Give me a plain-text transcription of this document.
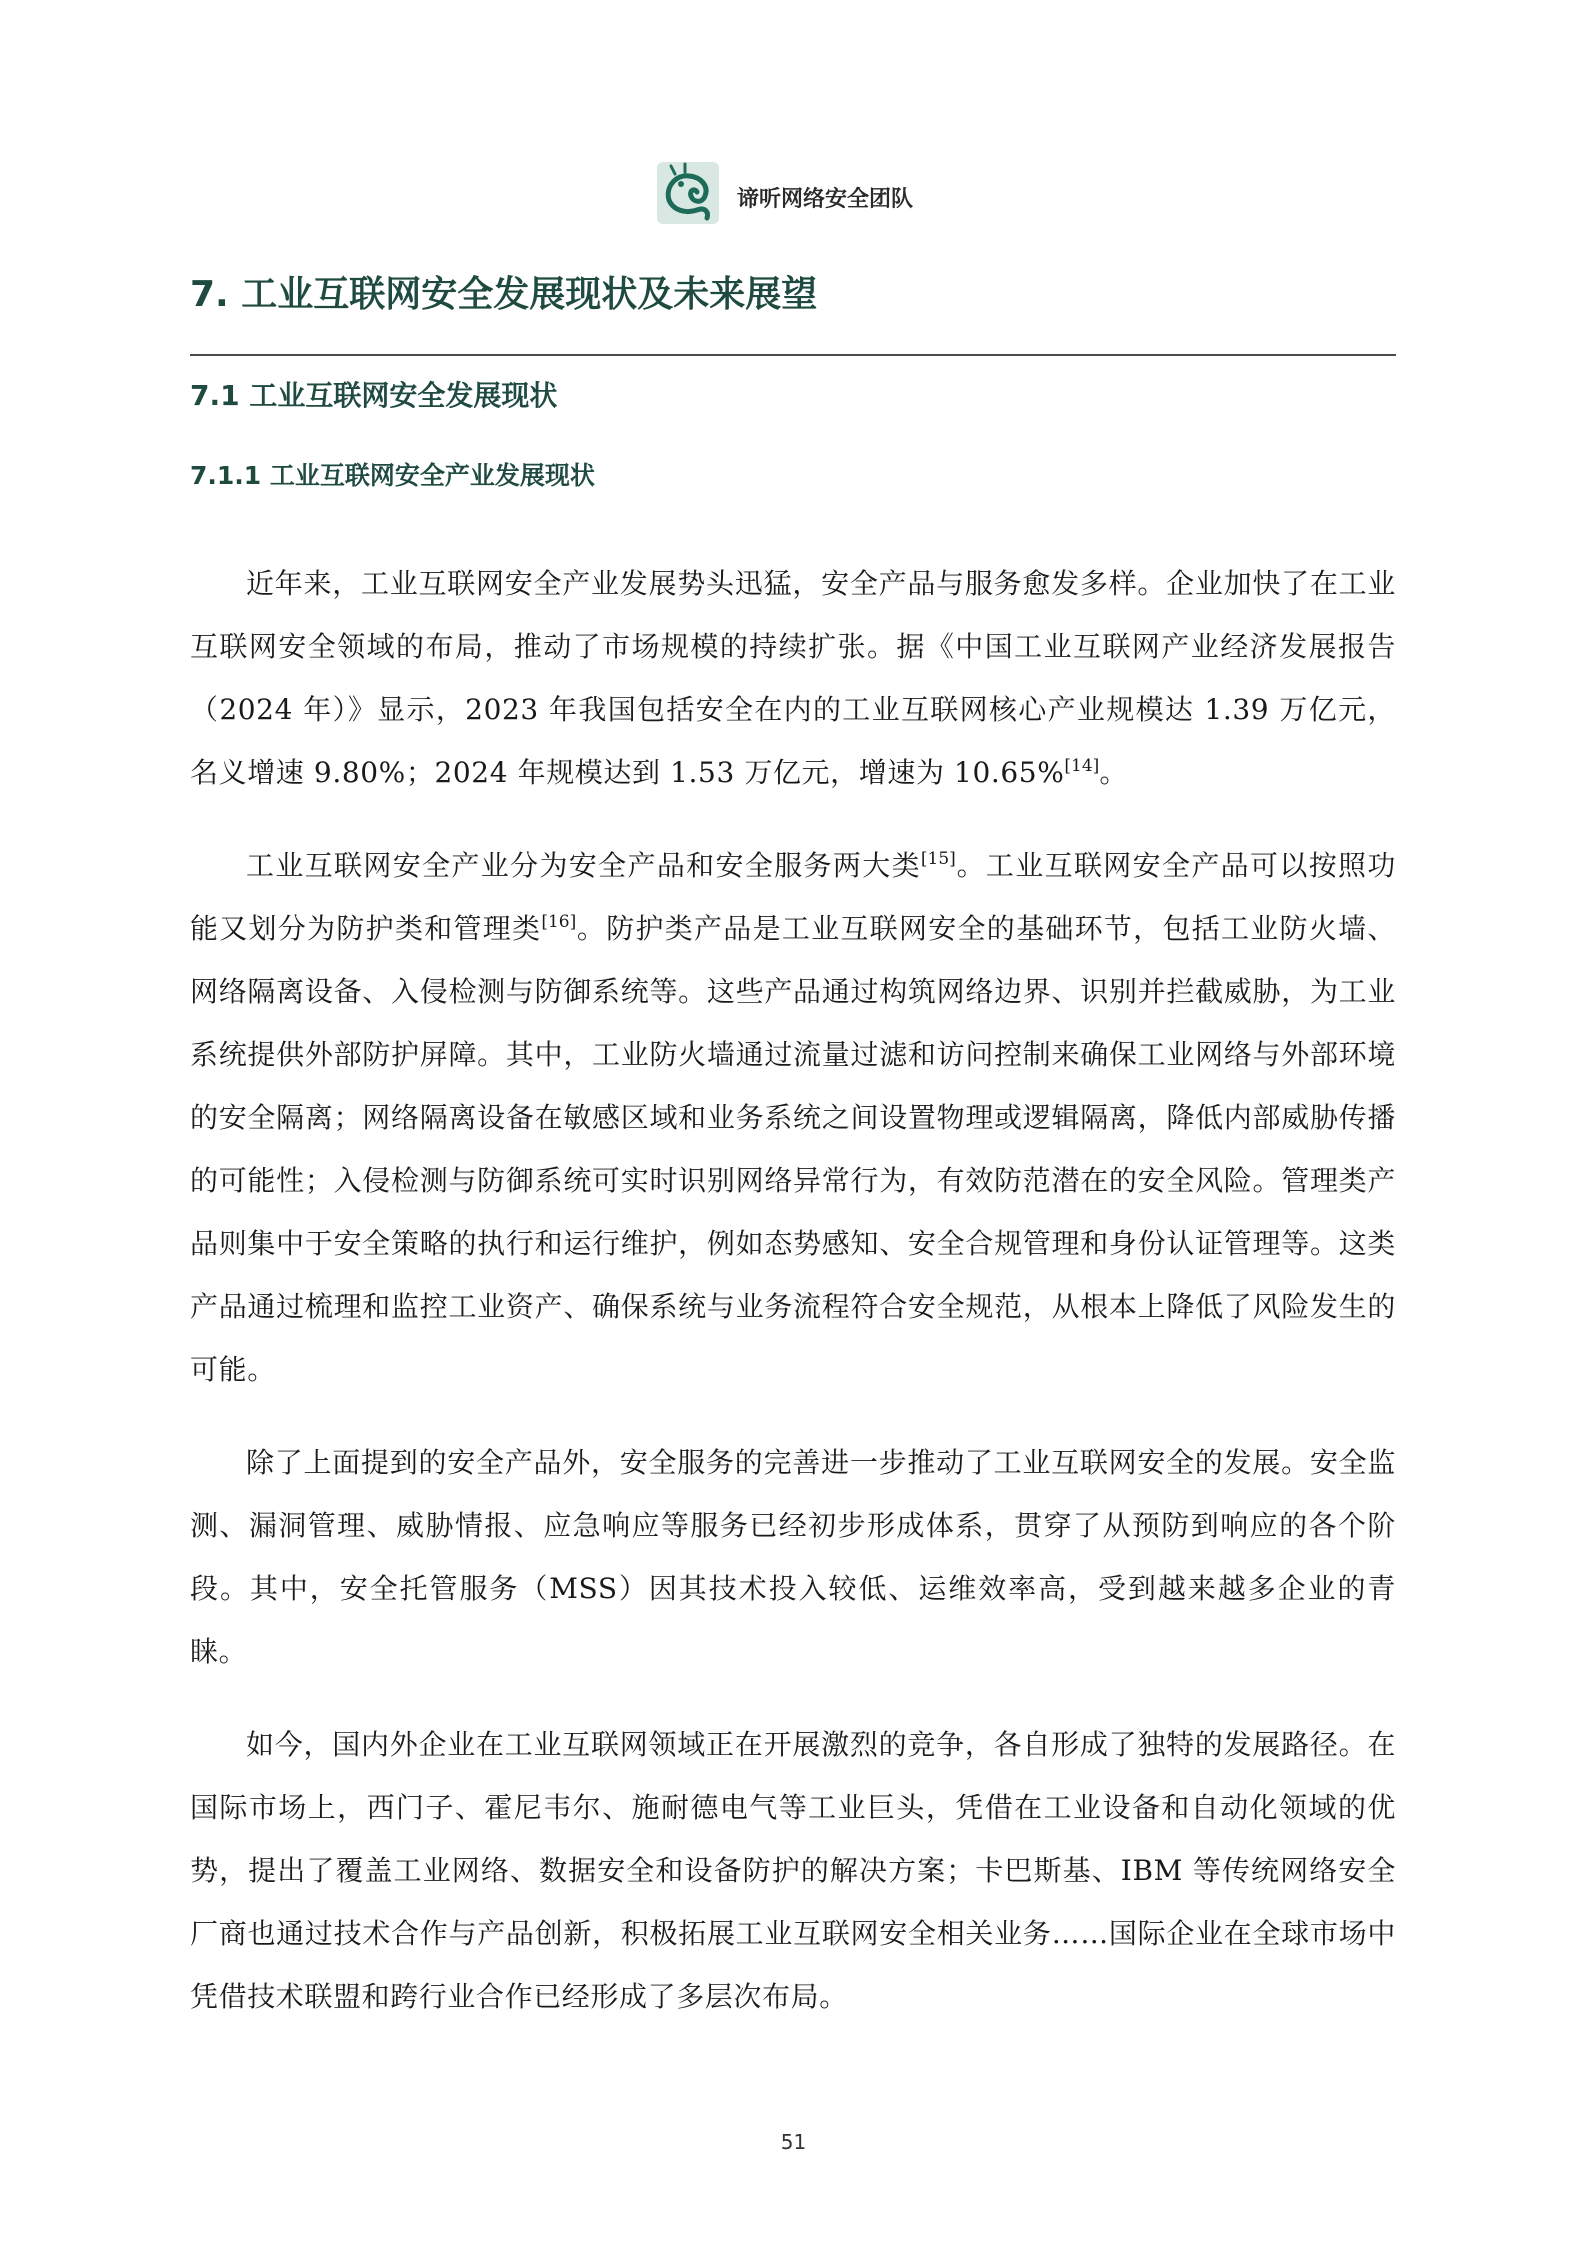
谛听网络安全团队
7. 工业互联网安全发展现状及未来展望
7.1 工业互联网安全发展现状
7.1.1 工业互联网安全产业发展现状

近年来，工业互联网安全产业发展势头迅猛，安全产品与服务愈发多样。企业加快了在工业互联网安全领域的布局，推动了市场规模的持续扩张。据《中国工业互联网产业经济发展报告（2024 年）》显示，2023 年我国包括安全在内的工业互联网核心产业规模达 1.39 万亿元，名义增速 9.80%；2024 年规模达到 1.53 万亿元，增速为 10.65%[14]。

工业互联网安全产业分为安全产品和安全服务两大类[15]。工业互联网安全产品可以按照功能又划分为防护类和管理类[16]。防护类产品是工业互联网安全的基础环节，包括工业防火墙、网络隔离设备、入侵检测与防御系统等。这些产品通过构筑网络边界、识别并拦截威胁，为工业系统提供外部防护屏障。其中，工业防火墙通过流量过滤和访问控制来确保工业网络与外部环境的安全隔离；网络隔离设备在敏感区域和业务系统之间设置物理或逻辑隔离，降低内部威胁传播的可能性；入侵检测与防御系统可实时识别网络异常行为，有效防范潜在的安全风险。管理类产品则集中于安全策略的执行和运行维护，例如态势感知、安全合规管理和身份认证管理等。这类产品通过梳理和监控工业资产、确保系统与业务流程符合安全规范，从根本上降低了风险发生的可能。

除了上面提到的安全产品外，安全服务的完善进一步推动了工业互联网安全的发展。安全监测、漏洞管理、威胁情报、应急响应等服务已经初步形成体系，贯穿了从预防到响应的各个阶段。其中，安全托管服务（MSS）因其技术投入较低、运维效率高，受到越来越多企业的青睐。

如今，国内外企业在工业互联网领域正在开展激烈的竞争，各自形成了独特的发展路径。在国际市场上，西门子、霍尼韦尔、施耐德电气等工业巨头，凭借在工业设备和自动化领域的优势，提出了覆盖工业网络、数据安全和设备防护的解决方案；卡巴斯基、IBM 等传统网络安全厂商也通过技术合作与产品创新，积极拓展工业互联网安全相关业务……国际企业在全球市场中凭借技术联盟和跨行业合作已经形成了多层次布局。

51
